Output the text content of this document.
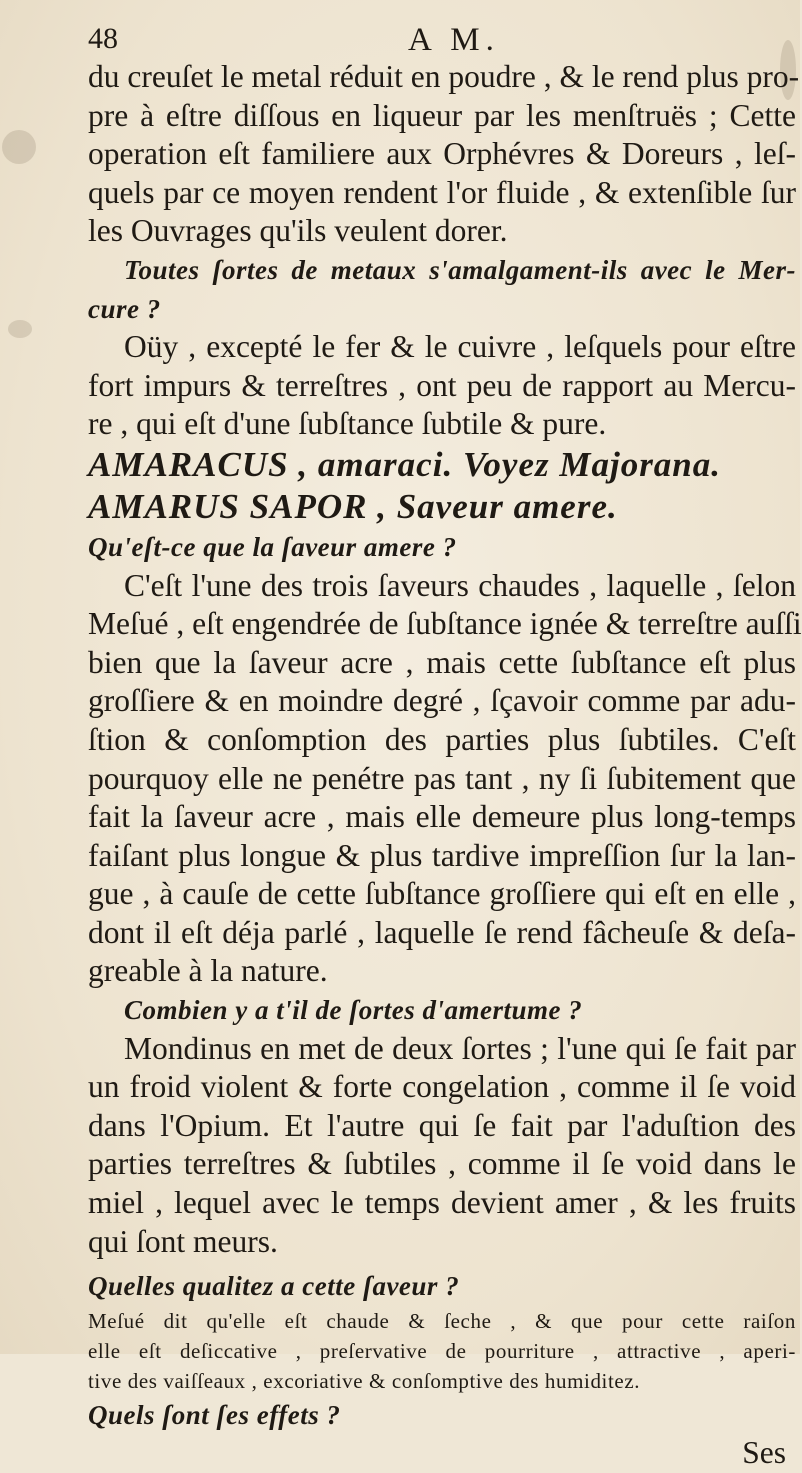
48	A M.
du creuſet le metal réduit en poudre , & le rend plus pro-
pre à eſtre diſſous en liqueur par les menſtruës ; Cette
operation eſt familiere aux Orphévres & Doreurs , leſ-
quels par ce moyen rendent l'or fluide , & extenſible ſur
les Ouvrages qu'ils veulent dorer.
Toutes ſortes de metaux s'amalgament-ils avec le Mer-
cure ?
Oüy , excepté le fer & le cuivre , leſquels pour eſtre
fort impurs & terreſtres , ont peu de rapport au Mercu-
re , qui eſt d'une ſubſtance ſubtile & pure.
AMARACUS , amaraci. Voyez Majorana.
AMARUS SAPOR , Saveur amere.
Qu'eſt-ce que la ſaveur amere ?
C'eſt l'une des trois ſaveurs chaudes , laquelle , ſelon
Meſué , eſt engendrée de ſubſtance ignée & terreſtre auſſi
bien que la ſaveur acre , mais cette ſubſtance eſt plus
groſſiere & en moindre degré , ſçavoir comme par adu-
ſtion & conſomption des parties plus ſubtiles. C'eſt
pourquoy elle ne penétre pas tant , ny ſi ſubitement que
fait la ſaveur acre , mais elle demeure plus long-temps
faiſant plus longue & plus tardive impreſſion ſur la lan-
gue , à cauſe de cette ſubſtance groſſiere qui eſt en elle ,
dont il eſt déja parlé , laquelle ſe rend fâcheuſe & deſa-
greable à la nature.
Combien y a t'il de ſortes d'amertume ?
Mondinus en met de deux ſortes ; l'une qui ſe fait par
un froid violent & forte congelation , comme il ſe void
dans l'Opium. Et l'autre qui ſe fait par l'aduſtion des
parties terreſtres & ſubtiles , comme il ſe void dans le
miel , lequel avec le temps devient amer , & les fruits
qui ſont meurs.
Quelles qualitez a cette ſaveur ?
Meſué dit qu'elle eſt chaude & ſeche , & que pour cette raiſon
elle eſt deſiccative , preſervative de pourriture , attractive , aperi-
tive des vaiſſeaux , excoriative & conſomptive des humiditez.
Quels ſont ſes effets ?
Ses
